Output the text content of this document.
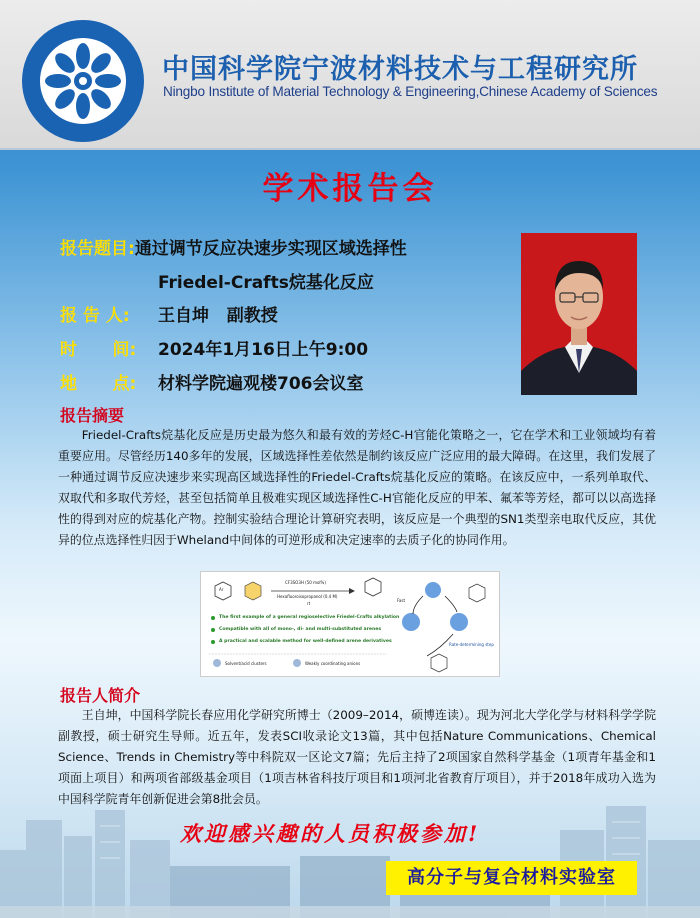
中国科学院宁波材料技术与工程研究所
Ningbo Institute of Material Technology & Engineering,Chinese Academy of Sciences
学术报告会
报告题目:通过调节反应决速步实现区域选择性
Friedel-Crafts烷基化反应
报 告 人: 王自坤   副教授
时      间: 2024年1月16日上午9:00
地      点: 材料学院遍观楼706会议室
报告摘要
Friedel-Crafts烷基化反应是历史最为悠久和最有效的芳烃C-H官能化策略之一，它在学术和工业领域均有着重要应用。尽管经历140多年的发展，区域选择性差依然是制约该反应广泛应用的最大障碍。在这里，我们发展了一种通过调节反应决速步来实现高区域选择性的Friedel-Crafts烷基化反应的策略。在该反应中，一系列单取代、双取代和多取代芳烃，甚至包括简单且极难实现区域选择性C-H官能化反应的甲苯、氟苯等芳烃，都可以以高选择性的得到对应的烷基化产物。控制实验结合理论计算研究表明，该反应是一个典型的SN1类型亲电取代反应，其优异的位点选择性归因于Wheland中间体的可逆形成和决定速率的去质子化的协同作用。
Ar
CF3SO3H (50 mol%)
Hexafluoroisopropanol (0.4 M)
rt
The first example of a general regioselective Friedel-Crafts alkylation
Compatible with all of mono-, di- and multi-substituted arenes
A practical and scalable method for well-defined arene derivatives
Solvent/acid clusters	Weakly coordinating anions
Fast
Rate-determining step
报告人简介
王自坤，中国科学院长春应用化学研究所博士（2009–2014，硕博连读）。现为河北大学化学与材料科学学院副教授，硕士研究生导师。近五年，发表SCI收录论文13篇，其中包括Nature Communications、Chemical Science、Trends in Chemistry等中科院双一区论文7篇；先后主持了2项国家自然科学基金（1项青年基金和1项面上项目）和两项省部级基金项目（1项吉林省科技厅项目和1项河北省教育厅项目），并于2018年成功入选为中国科学院青年创新促进会第8批会员。
欢迎感兴趣的人员积极参加!
高分子与复合材料实验室
